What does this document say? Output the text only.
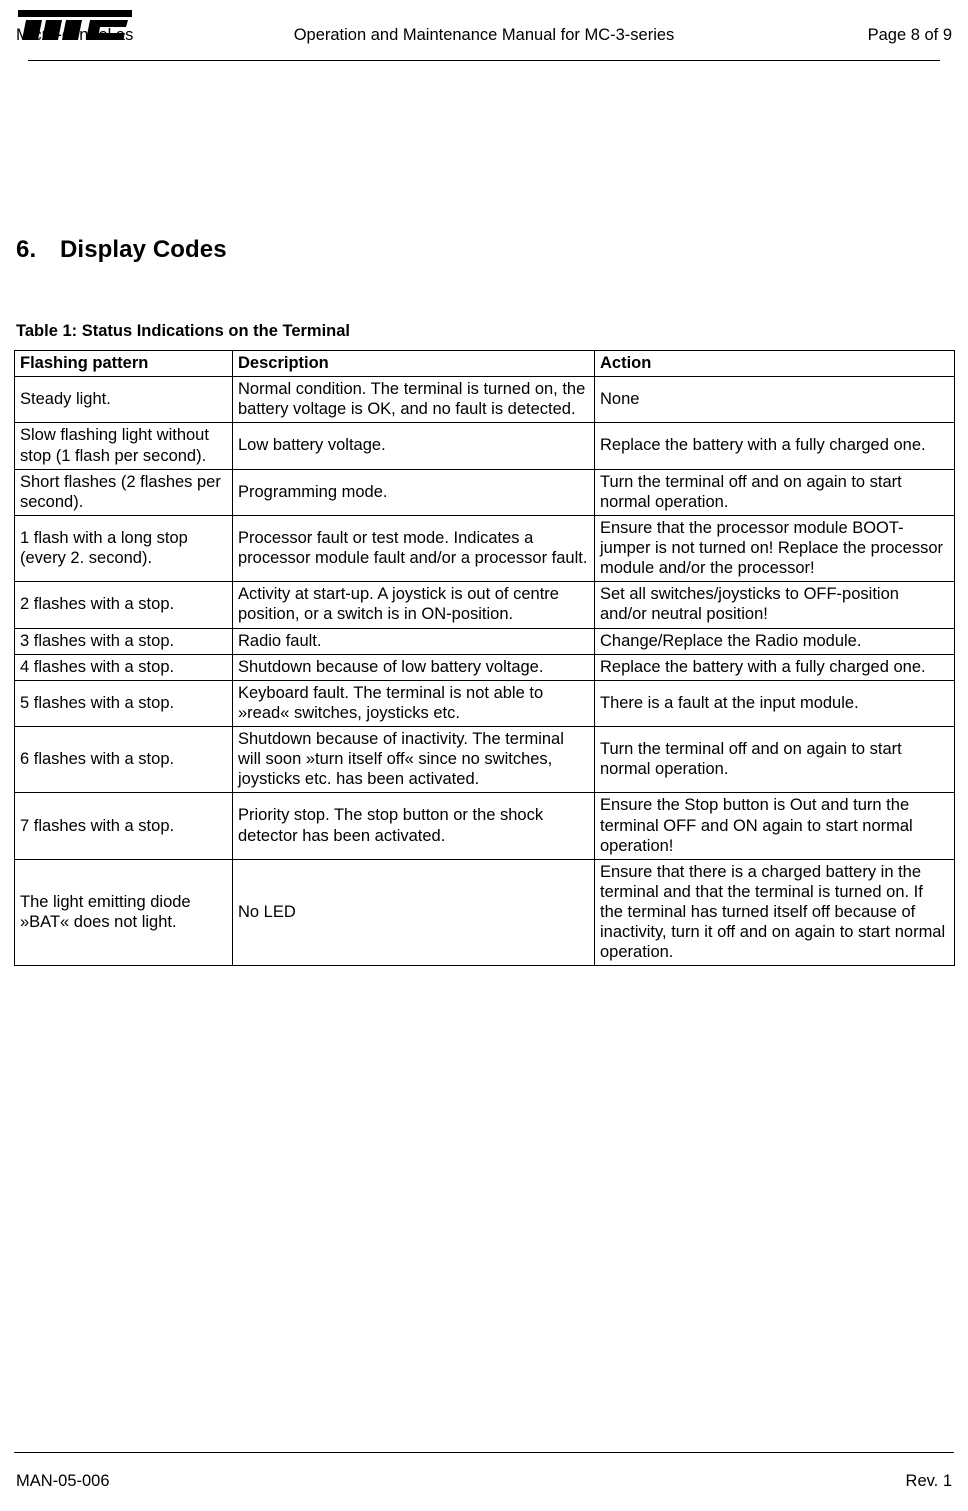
Micro-control as	Operation and Maintenance Manual for MC-3-series	Page 8 of 9
6. Display Codes
Table 1: Status Indications on the Terminal
Flashing pattern	Description	Action
Steady light.	Normal condition. The terminal is turned on, the battery voltage is OK, and no fault is detected.	None
Slow flashing light without stop (1 flash per second).	Low battery voltage.	Replace the battery with a fully charged one.
Short flashes (2 flashes per second).	Programming mode.	Turn the terminal off and on again to start normal operation.
1 flash with a long stop (every 2. second).	Processor fault or test mode. Indicates a processor module fault and/or a processor fault.	Ensure that the processor module BOOT-jumper is not turned on! Replace the processor module and/or the processor!
2 flashes with a stop.	Activity at start-up. A joystick is out of centre position, or a switch is in ON-position.	Set all switches/joysticks to OFF-position and/or neutral position!
3 flashes with a stop.	Radio fault.	Change/Replace the Radio module.
4 flashes with a stop.	Shutdown because of low battery voltage.	Replace the battery with a fully charged one.
5 flashes with a stop.	Keyboard fault. The terminal is not able to »read« switches, joysticks etc.	There is a fault at the input module.
6 flashes with a stop.	Shutdown because of inactivity. The terminal will soon »turn itself off« since no switches, joysticks etc. has been activated.	Turn the terminal off and on again to start normal operation.
7 flashes with a stop.	Priority stop. The stop button or the shock detector has been activated.	Ensure the Stop button is Out and turn the terminal OFF and ON again to start normal operation!
The light emitting diode »BAT« does not light.	No LED	Ensure that there is a charged battery in the terminal and that the terminal is turned on. If the terminal has turned itself off because of inactivity, turn it off and on again to start normal operation.
MAN-05-006	Rev. 1
